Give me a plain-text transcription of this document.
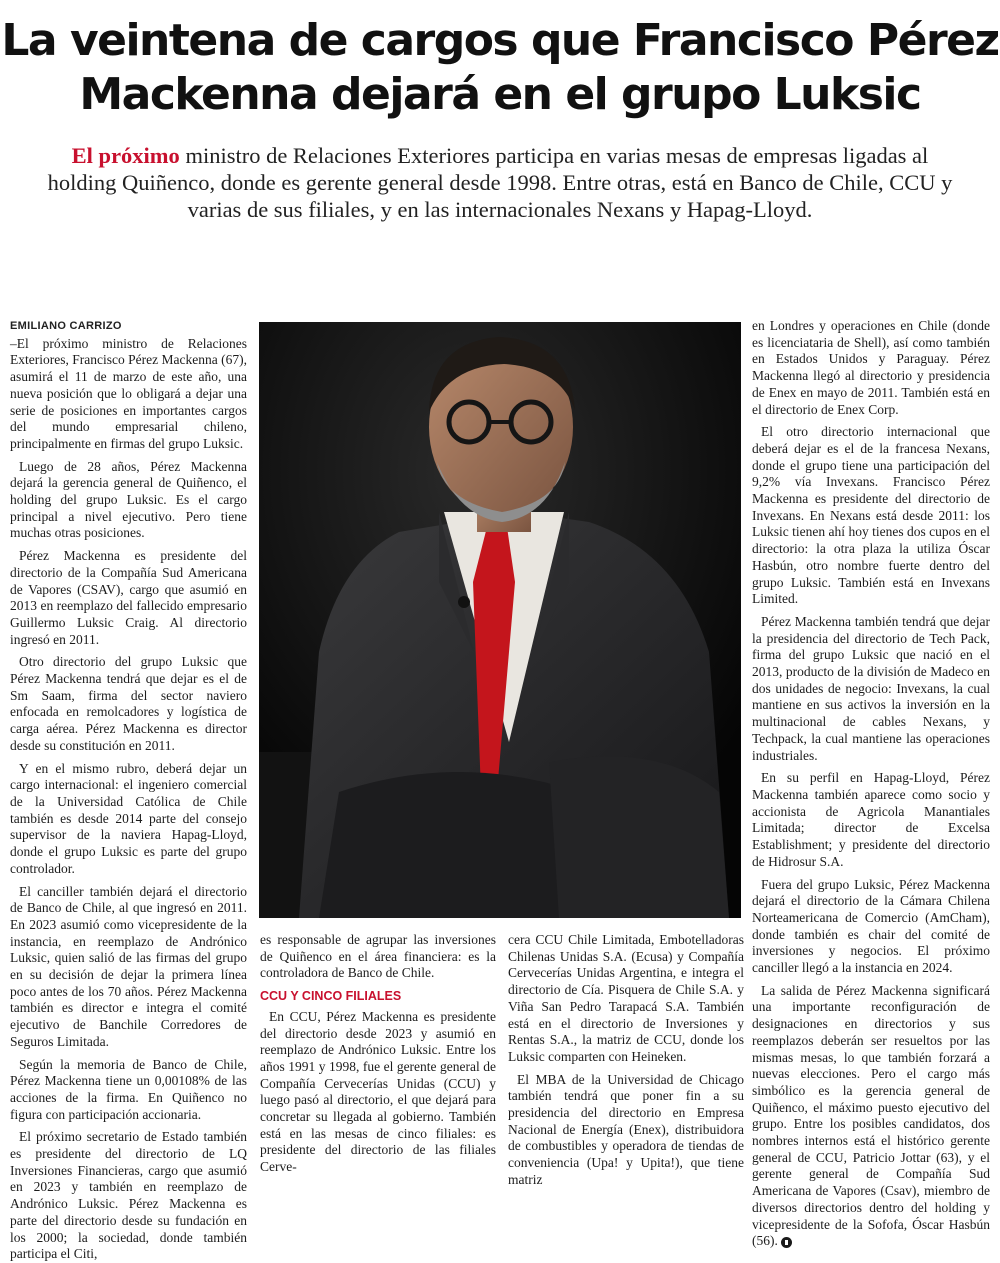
La veintena de cargos que Francisco Pérez
Mackenna dejará en el grupo Luksic
El próximo ministro de Relaciones Exteriores participa en varias mesas de empresas ligadas al holding Quiñenco, donde es gerente general desde 1998. Entre otras, está en Banco de Chile, CCU y varias de sus filiales, y en las internacionales Nexans y Hapag-Lloyd.
EMILIANO CARRIZO

–El próximo ministro de Relaciones Exteriores, Francisco Pérez Mackenna (67), asumirá el 11 de marzo de este año, una nueva posición que lo obligará a dejar una serie de posiciones en importantes cargos del mundo empresarial chileno, principalmente en firmas del grupo Luksic.

Luego de 28 años, Pérez Mackenna dejará la gerencia general de Quiñenco, el holding del grupo Luksic. Es el cargo principal a nivel ejecutivo. Pero tiene muchas otras posiciones.

Pérez Mackenna es presidente del directorio de la Compañía Sud Americana de Vapores (CSAV), cargo que asumió en 2013 en reemplazo del fallecido empresario Guillermo Luksic Craig. Al directorio ingresó en 2011.

Otro directorio del grupo Luksic que Pérez Mackenna tendrá que dejar es el de Sm Saam, firma del sector naviero enfocada en remolcadores y logística de carga aérea. Pérez Mackenna es director desde su constitución en 2011.

Y en el mismo rubro, deberá dejar un cargo internacional: el ingeniero comercial de la Universidad Católica de Chile también es desde 2014 parte del consejo supervisor de la naviera Hapag-Lloyd, donde el grupo Luksic es parte del grupo controlador.

El canciller también dejará el directorio de Banco de Chile, al que ingresó en 2011. En 2023 asumió como vicepresidente de la instancia, en reemplazo de Andrónico Luksic, quien salió de las firmas del grupo en su decisión de dejar la primera línea poco antes de los 70 años. Pérez Mackenna también es director e integra el comité ejecutivo de Banchile Corredores de Seguros Limitada.

Según la memoria de Banco de Chile, Pérez Mackenna tiene un 0,00108% de las acciones de la firma. En Quiñenco no figura con participación accionaria.

El próximo secretario de Estado también es presidente del directorio de LQ Inversiones Financieras, cargo que asumió en 2023 y también en reemplazo de Andrónico Luksic. Pérez Mackenna es parte del directorio desde su fundación en los 2000; la sociedad, donde también participa el Citi,

es responsable de agrupar las inversiones de Quiñenco en el área financiera: es la controladora de Banco de Chile.

CCU Y CINCO FILIALES

En CCU, Pérez Mackenna es presidente del directorio desde 2023 y asumió en reemplazo de Andrónico Luksic. Entre los años 1991 y 1998, fue el gerente general de Compañía Cervecerías Unidas (CCU) y luego pasó al directorio, el que dejará para concretar su llegada al gobierno. También está en las mesas de cinco filiales: es presidente del directorio de las filiales Cerve-

cera CCU Chile Limitada, Embotelladoras Chilenas Unidas S.A. (Ecusa) y Compañía Cervecerías Unidas Argentina, e integra el directorio de Cía. Pisquera de Chile S.A. y Viña San Pedro Tarapacá S.A. También está en el directorio de Inversiones y Rentas S.A., la matriz de CCU, donde los Luksic comparten con Heineken.

El MBA de la Universidad de Chicago también tendrá que poner fin a su presidencia del directorio en Empresa Nacional de Energía (Enex), distribuidora de combustibles y operadora de tiendas de conveniencia (Upa! y Upita!), que tiene matriz

en Londres y operaciones en Chile (donde es licenciataria de Shell), así como también en Estados Unidos y Paraguay. Pérez Mackenna llegó al directorio y presidencia de Enex en mayo de 2011. También está en el directorio de Enex Corp.

El otro directorio internacional que deberá dejar es el de la francesa Nexans, donde el grupo tiene una participación del 9,2% vía Invexans. Francisco Pérez Mackenna es presidente del directorio de Invexans. En Nexans está desde 2011: los Luksic tienen ahí hoy tienes dos cupos en el directorio: la otra plaza la utiliza Óscar Hasbún, otro nombre fuerte dentro del grupo Luksic. También está en Invexans Limited.

Pérez Mackenna también tendrá que dejar la presidencia del directorio de Tech Pack, firma del grupo Luksic que nació en el 2013, producto de la división de Madeco en dos unidades de negocio: Invexans, la cual mantiene en sus activos la inversión en la multinacional de cables Nexans, y Techpack, la cual mantiene las operaciones industriales.

En su perfil en Hapag-Lloyd, Pérez Mackenna también aparece como socio y accionista de Agricola Manantiales Limitada; director de Excelsa Establishment; y presidente del directorio de Hidrosur S.A.

Fuera del grupo Luksic, Pérez Mackenna dejará el directorio de la Cámara Chilena Norteamericana de Comercio (AmCham), donde también es chair del comité de inversiones y negocios. El próximo canciller llegó a la instancia en 2024.

La salida de Pérez Mackenna significará una importante reconfiguración de designaciones en directorios y sus reemplazos deberán ser resueltos por las mismas mesas, lo que también forzará a nuevas elecciones. Pero el cargo más simbólico es la gerencia general de Quiñenco, el máximo puesto ejecutivo del grupo. Entre los posibles candidatos, dos nombres internos está el histórico gerente general de CCU, Patricio Jottar (63), y el gerente general de Compañía Sud Americana de Vapores (Csav), miembro de diversos directorios dentro del holding y vicepresidente de la Sofofa, Óscar Hasbún (56).
